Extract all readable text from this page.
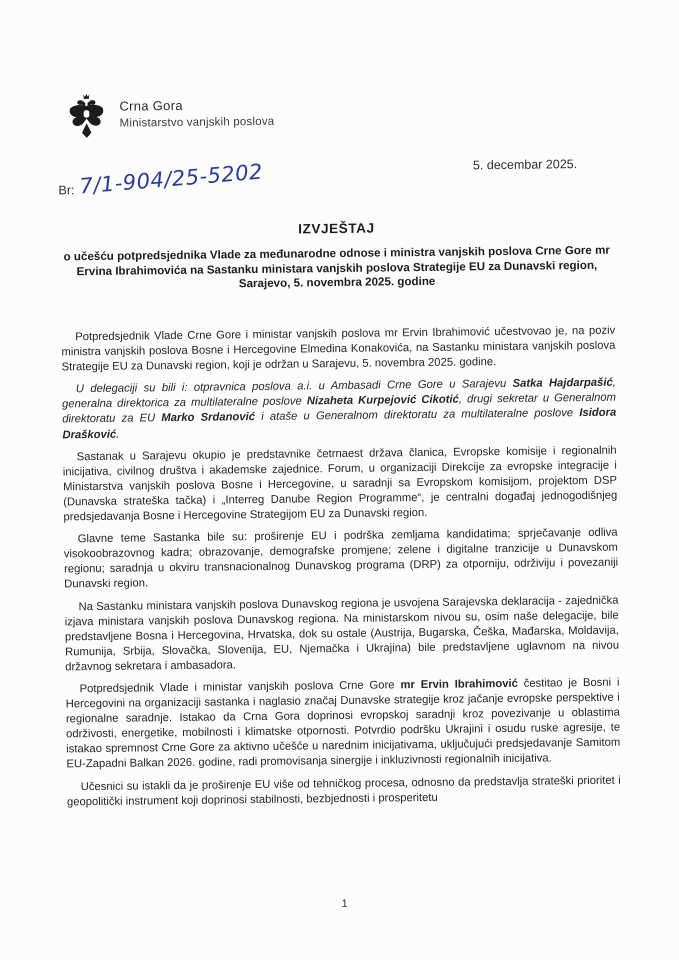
Crna Gora
Ministarstvo vanjskih poslova
5. decembar 2025.
Br: 7/1-904/25-5202
IZVJEŠTAJ
o učešću potpredsjednika Vlade za međunarodne odnose i ministra vanjskih poslova Crne Gore mr Ervina Ibrahimovića na Sastanku ministara vanjskih poslova Strategije EU za Dunavski region, Sarajevo, 5. novembra 2025. godine

Potpredsjednik Vlade Crne Gore i ministar vanjskih poslova mr Ervin Ibrahimović učestvovao je, na poziv ministra vanjskih poslova Bosne i Hercegovine Elmedina Konakovića, na Sastanku ministara vanjskih poslova Strategije EU za Dunavski region, koji je održan u Sarajevu, 5. novembra 2025. godine.

U delegaciji su bili i: otpravnica poslova a.i. u Ambasadi Crne Gore u Sarajevu Satka Hajdarpašić, generalna direktorica za multilateralne poslove Nizaheta Kurpejović Cikotić, drugi sekretar u Generalnom direktoratu za EU Marko Srdanović i ataše u Generalnom direktoratu za multilateralne poslove Isidora Drašković.

Sastanak u Sarajevu okupio je predstavnike četrnaest država članica, Evropske komisije i regionalnih inicijativa, civilnog društva i akademske zajednice. Forum, u organizaciji Direkcije za evropske integracije i Ministarstva vanjskih poslova Bosne i Hercegovine, u saradnji sa Evropskom komisijom, projektom DSP (Dunavska strateška tačka) i „Interreg Danube Region Programme“, je centralni događaj jednogodišnjeg predsjedavanja Bosne i Hercegovine Strategijom EU za Dunavski region.

Glavne teme Sastanka bile su: proširenje EU i podrška zemljama kandidatima; sprječavanje odliva visokoobrazovnog kadra; obrazovanje, demografske promjene; zelene i digitalne tranzicije u Dunavskom regionu; saradnja u okviru transnacionalnog Dunavskog programa (DRP) za otporniju, održiviju i povezaniji Dunavski region.

Na Sastanku ministara vanjskih poslova Dunavskog regiona je usvojena Sarajevska deklaracija - zajednička izjava ministara vanjskih poslova Dunavskog regiona. Na ministarskom nivou su, osim naše delegacije, bile predstavljene Bosna i Hercegovina, Hrvatska, dok su ostale (Austrija, Bugarska, Češka, Mađarska, Moldavija, Rumunija, Srbija, Slovačka, Slovenija, EU, Njemačka i Ukrajina) bile predstavljene uglavnom na nivou državnog sekretara i ambasadora.

Potpredsjednik Vlade i ministar vanjskih poslova Crne Gore mr Ervin Ibrahimović čestitao je Bosni i Hercegovini na organizaciji sastanka i naglasio značaj Dunavske strategije kroz jačanje evropske perspektive i regionalne saradnje. Istakao da Crna Gora doprinosi evropskoj saradnji kroz povezivanje u oblastima održivosti, energetike, mobilnosti i klimatske otpornosti. Potvrdio podršku Ukrajini i osudu ruske agresije, te istakao spremnost Crne Gore za aktivno učešće u narednim inicijativama, uključujući predsjedavanje Samitom EU-Zapadni Balkan 2026. godine, radi promovisanja sinergije i inkluzivnosti regionalnih inicijativa.

Učesnici su istakli da je proširenje EU više od tehničkog procesa, odnosno da predstavlja strateški prioritet i geopolitički instrument koji doprinosi stabilnosti, bezbjednosti i prosperitetu

1
